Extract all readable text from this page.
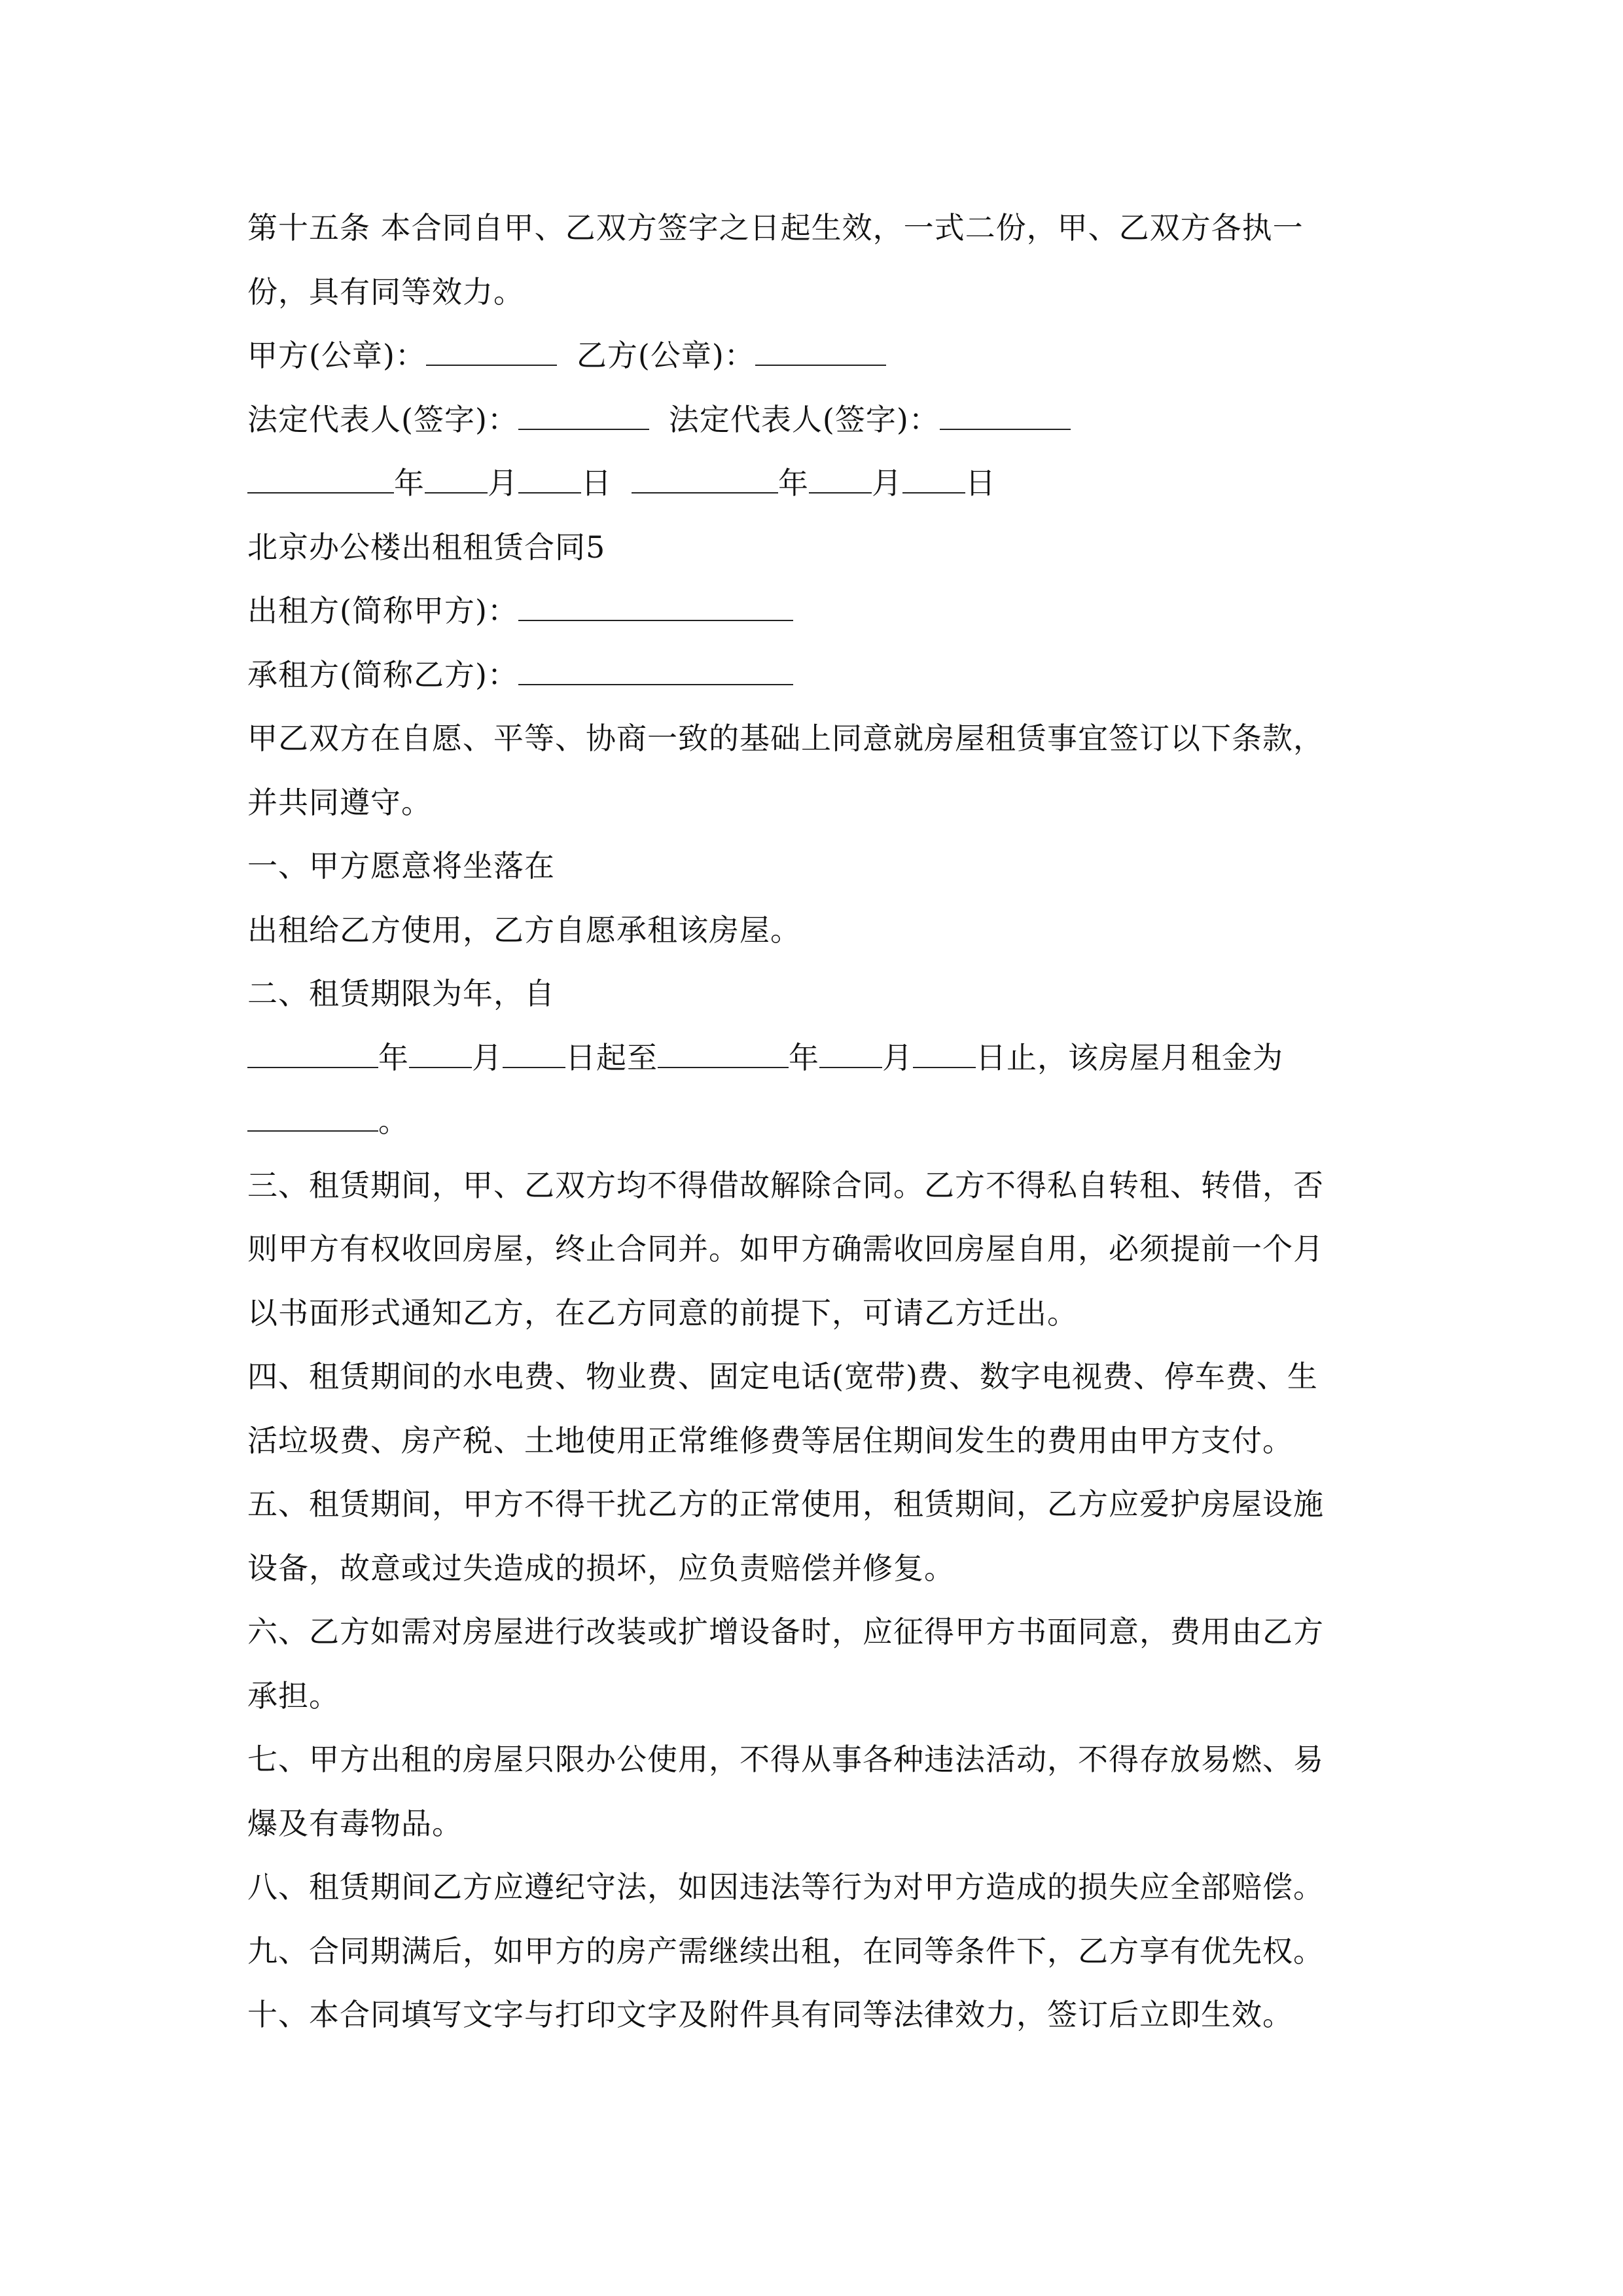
第十五条 本合同自甲、乙双方签字之日起生效，一式二份，甲、乙双方各执一
份，具有同等效力。
甲方(公章)：	乙方(公章)：
法定代表人(签字)：	法定代表人(签字)：
年 月 日	年 月 日
北京办公楼出租租赁合同5
出租方(简称甲方)：
承租方(简称乙方)：
甲乙双方在自愿、平等、协商一致的基础上同意就房屋租赁事宜签订以下条款，
并共同遵守。
一、甲方愿意将坐落在
出租给乙方使用，乙方自愿承租该房屋。
二、租赁期限为年，自
年 月 日起至	年 月 日止，该房屋月租金为
。
三、租赁期间，甲、乙双方均不得借故解除合同。乙方不得私自转租、转借，否
则甲方有权收回房屋，终止合同并。如甲方确需收回房屋自用，必须提前一个月
以书面形式通知乙方，在乙方同意的前提下，可请乙方迁出。
四、租赁期间的水电费、物业费、固定电话(宽带)费、数字电视费、停车费、生
活垃圾费、房产税、土地使用正常维修费等居住期间发生的费用由甲方支付。
五、租赁期间，甲方不得干扰乙方的正常使用，租赁期间，乙方应爱护房屋设施
设备，故意或过失造成的损坏，应负责赔偿并修复。
六、乙方如需对房屋进行改装或扩增设备时，应征得甲方书面同意，费用由乙方
承担。
七、甲方出租的房屋只限办公使用，不得从事各种违法活动，不得存放易燃、易
爆及有毒物品。
八、租赁期间乙方应遵纪守法，如因违法等行为对甲方造成的损失应全部赔偿。
九、合同期满后，如甲方的房产需继续出租，在同等条件下，乙方享有优先权。
十、本合同填写文字与打印文字及附件具有同等法律效力，签订后立即生效。
